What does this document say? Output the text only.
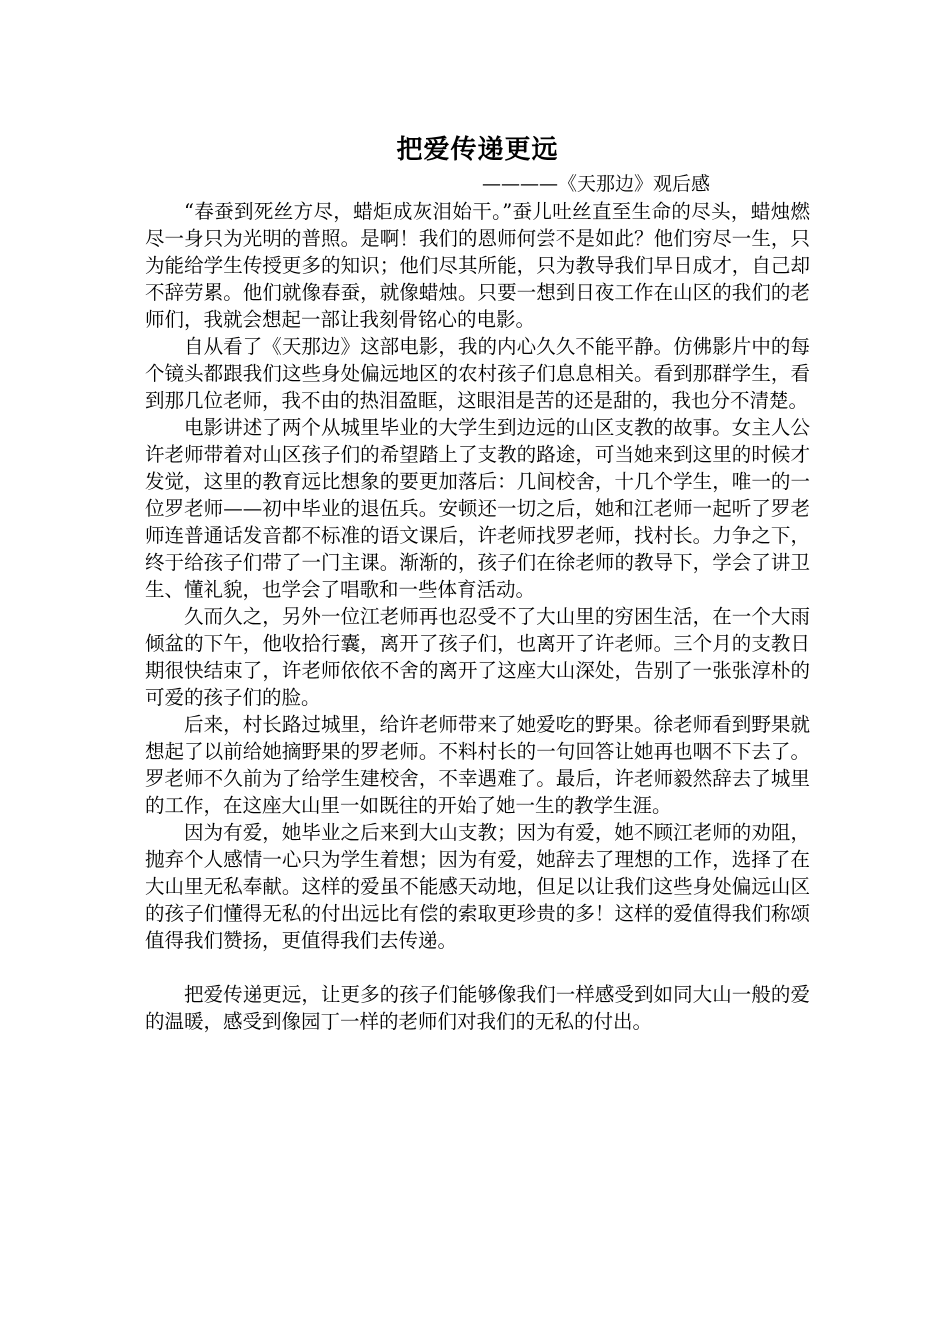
把爱传递更远

————《天那边》观后感

“春蚕到死丝方尽，蜡炬成灰泪始干。”蚕儿吐丝直至生命的尽头，蜡烛燃尽一身只为光明的普照。是啊！我们的恩师何尝不是如此？他们穷尽一生，只为能给学生传授更多的知识；他们尽其所能，只为教导我们早日成才，自己却不辞劳累。他们就像春蚕，就像蜡烛。只要一想到日夜工作在山区的我们的老师们，我就会想起一部让我刻骨铭心的电影。

自从看了《天那边》这部电影，我的内心久久不能平静。仿佛影片中的每个镜头都跟我们这些身处偏远地区的农村孩子们息息相关。看到那群学生，看到那几位老师，我不由的热泪盈眶，这眼泪是苦的还是甜的，我也分不清楚。

电影讲述了两个从城里毕业的大学生到边远的山区支教的故事。女主人公许老师带着对山区孩子们的希望踏上了支教的路途，可当她来到这里的时候才发觉，这里的教育远比想象的要更加落后：几间校舍，十几个学生，唯一的一位罗老师——初中毕业的退伍兵。安顿还一切之后，她和江老师一起听了罗老师连普通话发音都不标准的语文课后，许老师找罗老师，找村长。力争之下，终于给孩子们带了一门主课。渐渐的，孩子们在徐老师的教导下，学会了讲卫生、懂礼貌，也学会了唱歌和一些体育活动。

久而久之，另外一位江老师再也忍受不了大山里的穷困生活，在一个大雨倾盆的下午，他收拾行囊，离开了孩子们，也离开了许老师。三个月的支教日期很快结束了，许老师依依不舍的离开了这座大山深处，告别了一张张淳朴的可爱的孩子们的脸。

后来，村长路过城里，给许老师带来了她爱吃的野果。徐老师看到野果就想起了以前给她摘野果的罗老师。不料村长的一句回答让她再也咽不下去了。罗老师不久前为了给学生建校舍，不幸遇难了。最后，许老师毅然辞去了城里的工作，在这座大山里一如既往的开始了她一生的教学生涯。

因为有爱，她毕业之后来到大山支教；因为有爱，她不顾江老师的劝阻，抛弃个人感情一心只为学生着想；因为有爱，她辞去了理想的工作，选择了在大山里无私奉献。这样的爱虽不能感天动地，但足以让我们这些身处偏远山区的孩子们懂得无私的付出远比有偿的索取更珍贵的多！这样的爱值得我们称颂值得我们赞扬，更值得我们去传递。

把爱传递更远，让更多的孩子们能够像我们一样感受到如同大山一般的爱的温暖，感受到像园丁一样的老师们对我们的无私的付出。
